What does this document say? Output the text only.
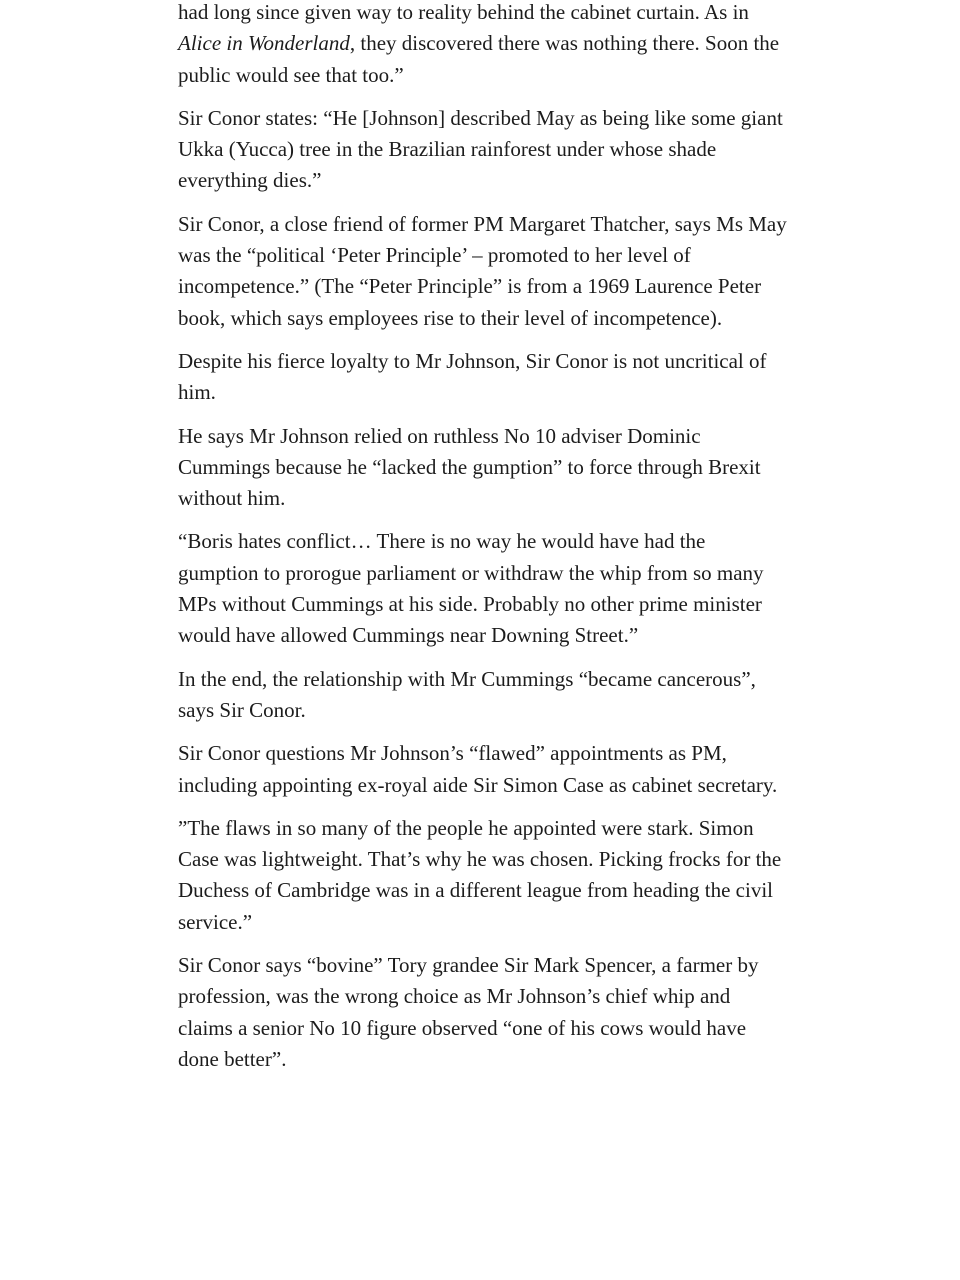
had long since given way to reality behind the cabinet curtain. As in Alice in Wonderland, they discovered there was nothing there. Soon the public would see that too.”

Sir Conor states: “He [Johnson] described May as being like some giant Ukka (Yucca) tree in the Brazilian rainforest under whose shade everything dies.”

Sir Conor, a close friend of former PM Margaret Thatcher, says Ms May was the “political ‘Peter Principle’ – promoted to her level of incompetence.” (The “Peter Principle” is from a 1969 Laurence Peter book, which says employees rise to their level of incompetence).

Despite his fierce loyalty to Mr Johnson, Sir Conor is not uncritical of him.

He says Mr Johnson relied on ruthless No 10 adviser Dominic Cummings because he “lacked the gumption” to force through Brexit without him.

“Boris hates conflict… There is no way he would have had the gumption to prorogue parliament or withdraw the whip from so many MPs without Cummings at his side. Probably no other prime minister would have allowed Cummings near Downing Street.”

In the end, the relationship with Mr Cummings “became cancerous”, says Sir Conor.

Sir Conor questions Mr Johnson’s “flawed” appointments as PM, including appointing ex-royal aide Sir Simon Case as cabinet secretary.

”The flaws in so many of the people he appointed were stark. Simon Case was lightweight. That’s why he was chosen. Picking frocks for the Duchess of Cambridge was in a different league from heading the civil service.”

Sir Conor says “bovine” Tory grandee Sir Mark Spencer, a farmer by profession, was the wrong choice as Mr Johnson’s chief whip and claims a senior No 10 figure observed “one of his cows would have done better”.
